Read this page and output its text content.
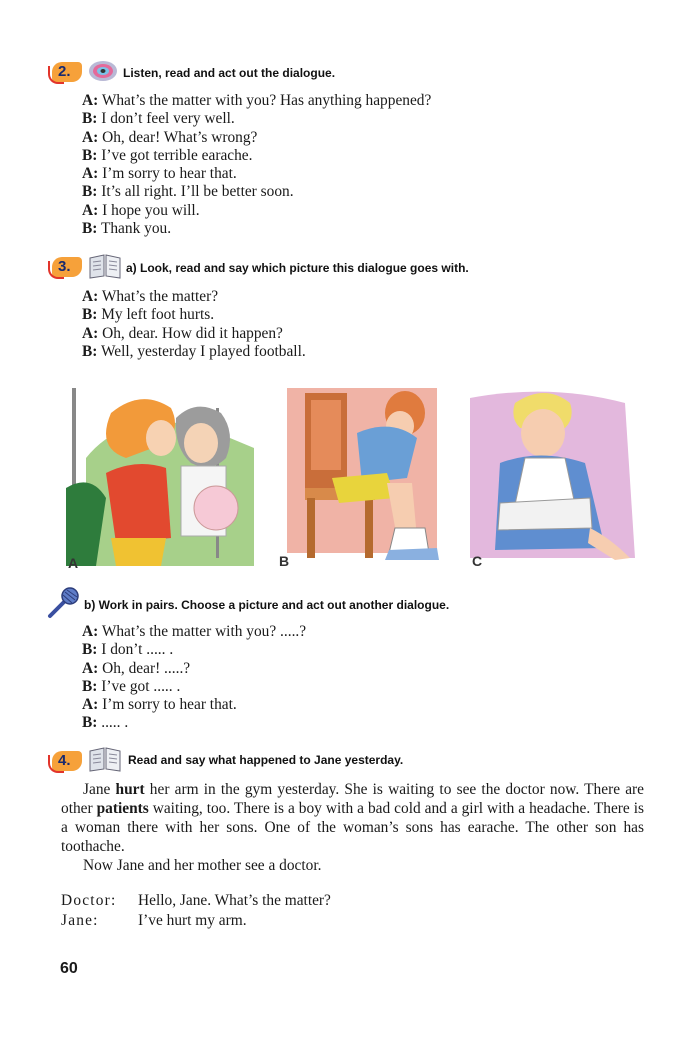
2.	Listen, read and act out the dialogue.
A: What’s the matter with you? Has anything happened?
B: I don’t feel very well.
A: Oh, dear! What’s wrong?
B: I’ve got terrible earache.
A: I’m sorry to hear that.
B: It’s all right. I’ll be better soon.
A: I hope you will.
B: Thank you.
3.	a) Look, read and say which picture this dialogue goes with.
A: What’s the matter?
B: My left foot hurts.
A: Oh, dear. How did it happen?
B: Well, yesterday I played football.
A	B	C
b) Work in pairs. Choose a picture and act out another dialogue.
A: What’s the matter with you? .....?
B: I don’t ..... .
A: Oh, dear! .....?
B: I’ve got ..... .
A: I’m sorry to hear that.
B: ..... .
4.	Read and say what happened to Jane yesterday.

Jane hurt her arm in the gym yesterday. She is waiting to see the doctor now. There are other patients waiting, too. There is a boy with a bad cold and a girl with a headache. There is a woman there with her sons. One of the woman’s sons has earache. The other son has toothache.

Now Jane and her mother see a doctor.

Doctor: Hello, Jane. What’s the matter?
Jane:	I’ve hurt my arm.
60
